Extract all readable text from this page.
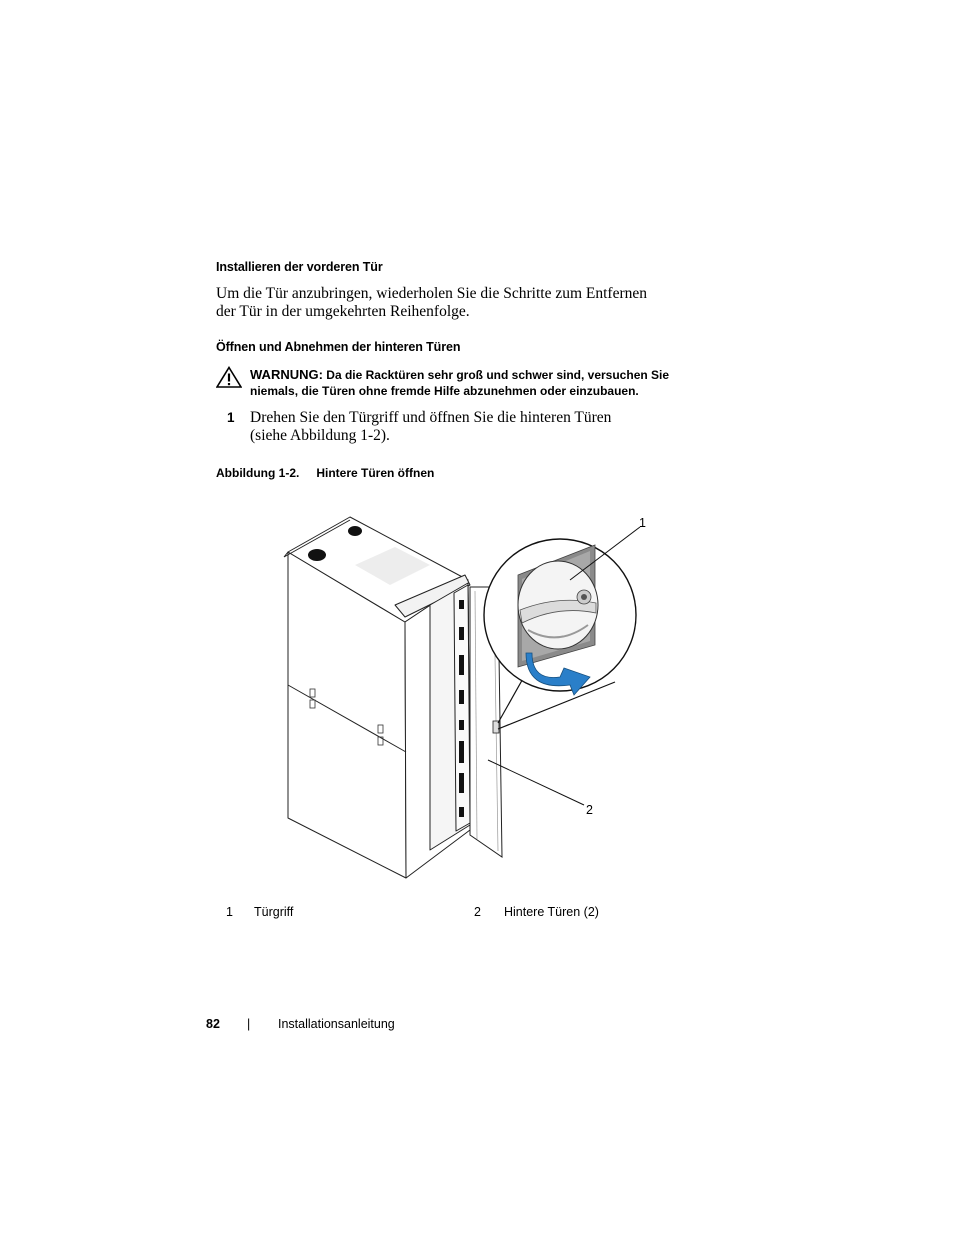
Installieren der vorderen Tür
Um die Tür anzubringen, wiederholen Sie die Schritte zum Entfernen
der Tür in der umgekehrten Reihenfolge.
Öffnen und Abnehmen der hinteren Türen
WARNUNG: Da die Racktüren sehr groß und schwer sind, versuchen Sie
niemals, die Türen ohne fremde Hilfe abzunehmen oder einzubauen.
1 Drehen Sie den Türgriff und öffnen Sie die hinteren Türen
(siehe Abbildung 1-2).
Abbildung 1-2. Hintere Türen öffnen
1
2
1 Türgriff	2 Hintere Türen (2)
82 | Installationsanleitung
